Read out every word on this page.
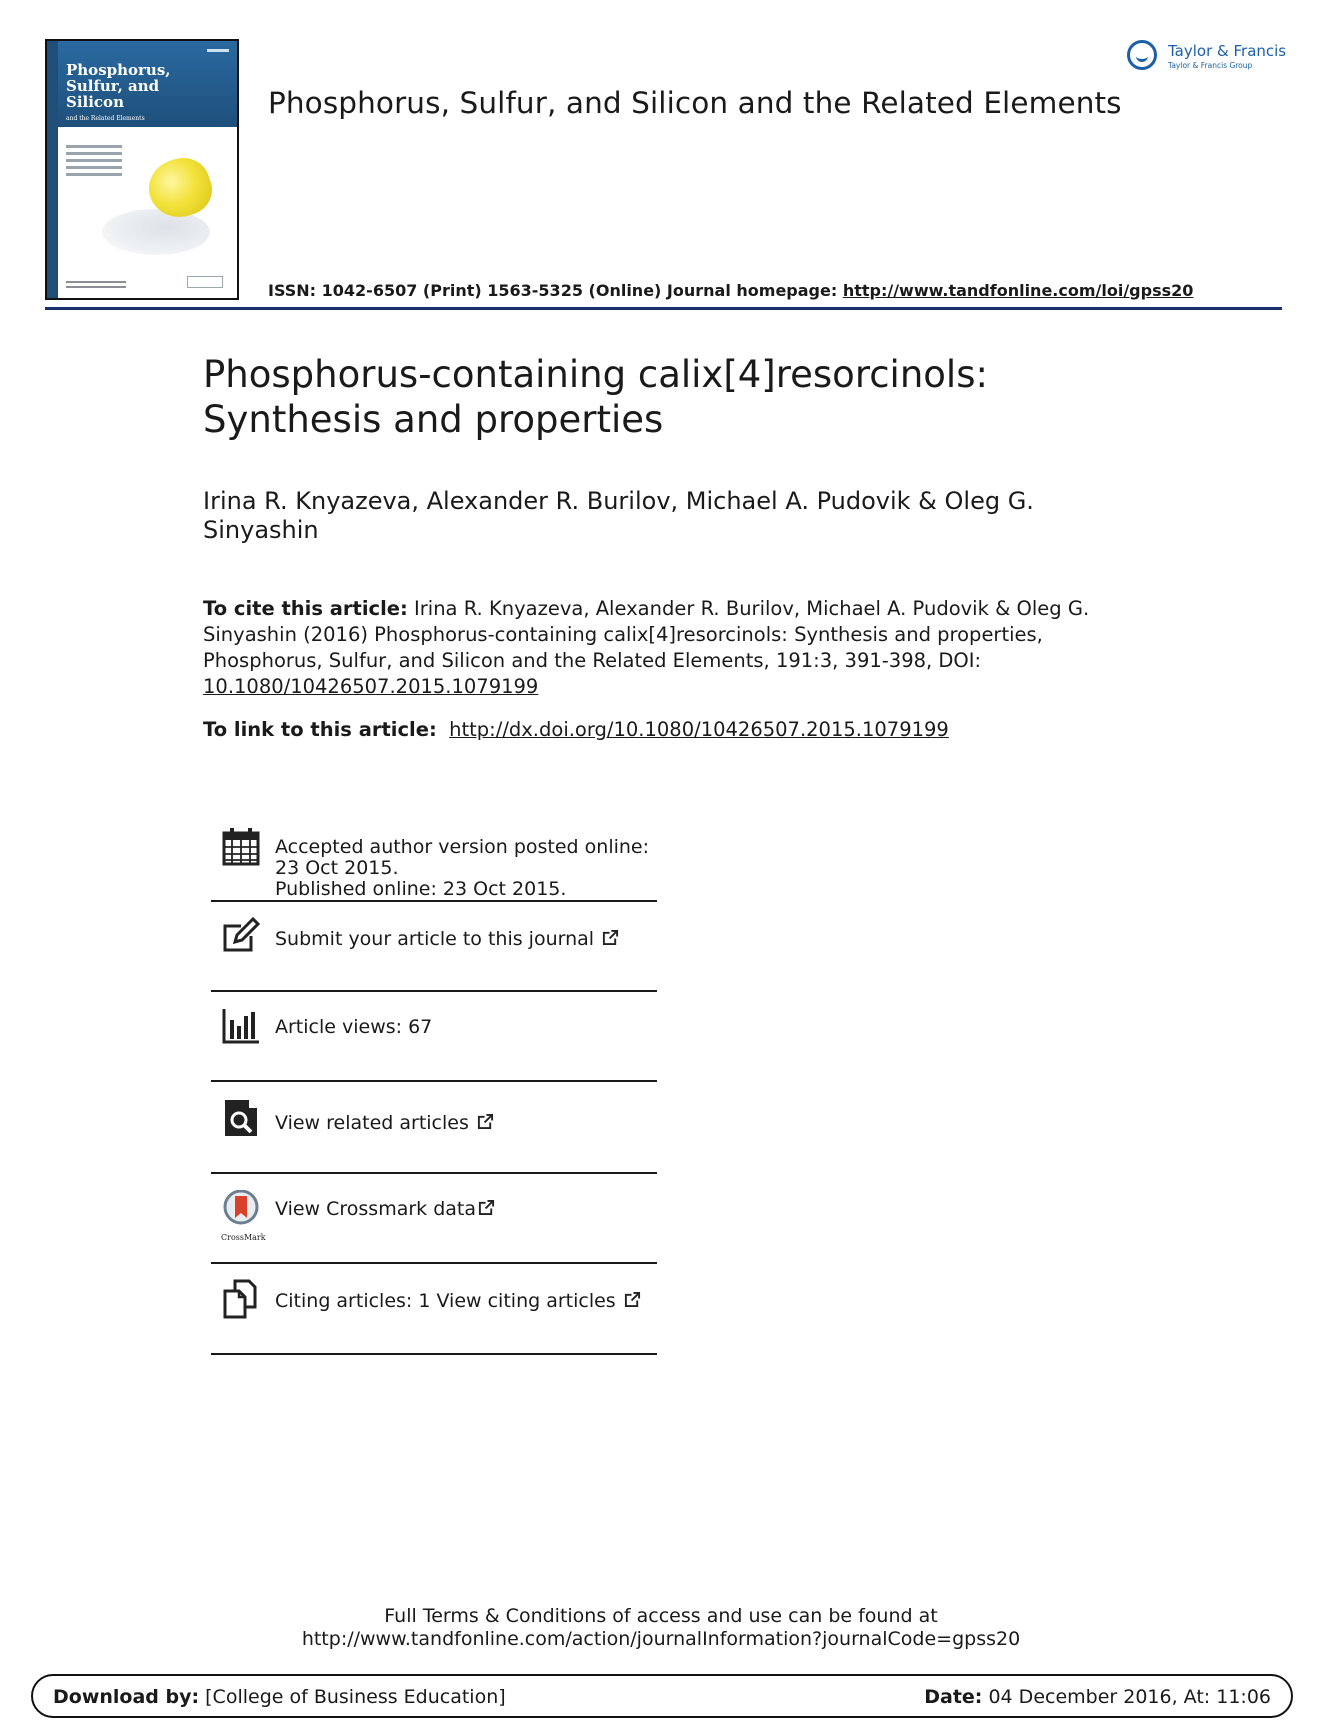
Phosphorus,
Sulfur, and
Silicon
and the Related Elements	Phosphorus, Sulfur, and Silicon and the Related Elements
ISSN: 1042-6507 (Print) 1563-5325 (Online) Journal homepage: http://www.tandfonline.com/loi/gpss20
Taylor & Francis
Taylor & Francis Group
Phosphorus-containing calix[4]resorcinols:
Synthesis and properties
Irina R. Knyazeva, Alexander R. Burilov, Michael A. Pudovik & Oleg G. Sinyashin
To cite this article: Irina R. Knyazeva, Alexander R. Burilov, Michael A. Pudovik & Oleg G. Sinyashin (2016) Phosphorus-containing calix[4]resorcinols: Synthesis and properties, Phosphorus, Sulfur, and Silicon and the Related Elements, 191:3, 391-398, DOI:
10.1080/10426507.2015.1079199
To link to this article: http://dx.doi.org/10.1080/10426507.2015.1079199
Accepted author version posted online: 23 Oct 2015.
Published online: 23 Oct 2015.
Submit your article to this journal
Article views: 67
View related articles
CrossMark
View Crossmark data
Citing articles: 1 View citing articles
Full Terms & Conditions of access and use can be found at
http://www.tandfonline.com/action/journalInformation?journalCode=gpss20
Download by: [College of Business Education]	Date: 04 December 2016, At: 11:06
